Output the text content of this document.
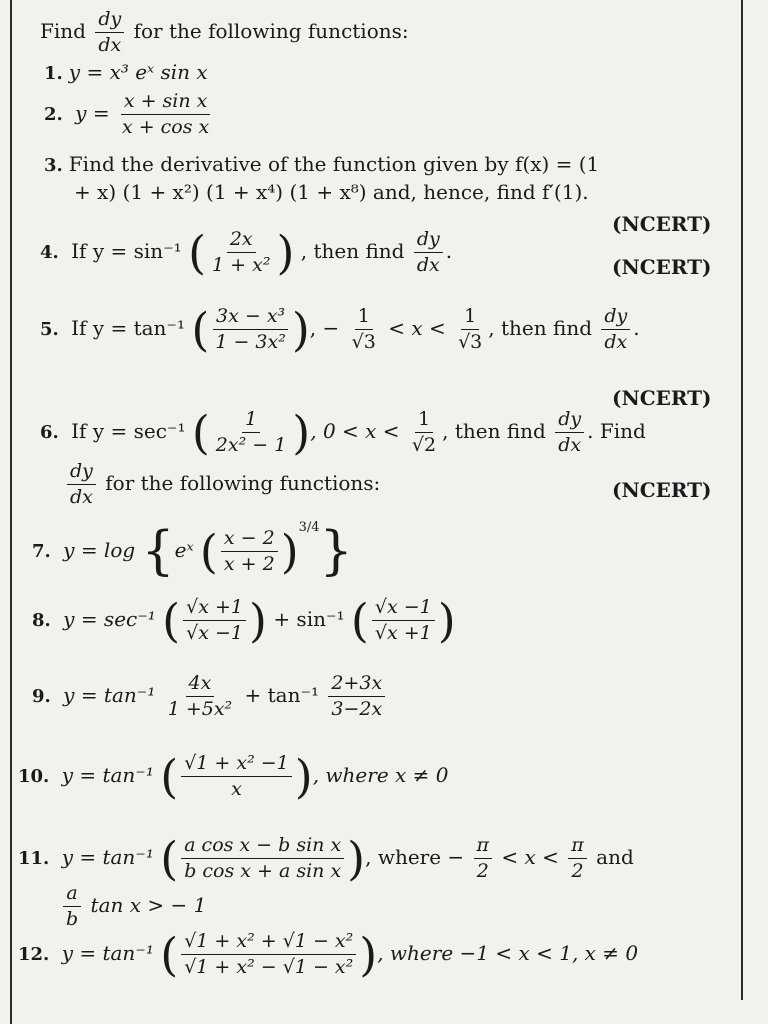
Find $\frac{dy}{dx}$ for the following functions:
1. y = x³ eˣ sin x
2. $y = \frac{\text{x + sin x}}{\text{x + cos x}}$
3. Find the derivative of the function given by f(x) = (1
+ x) (1 + x²) (1 + x⁴) (1 + x⁸) and, hence, find f′(1).
(NCERT)
4. If y = sin⁻¹ ( $\frac{2x}{\text{1 + x²}}$ ) , then find $\frac{dy}{dx}$ .
(NCERT)
5. If y = tan⁻¹ ( $\frac{\text{3x − x³}}{\text{1 − 3x²}}$ ), − $\frac{1}{√3} < x < \frac{1}{√3}$ , then find $\frac{dy}{dx}$ .
(NCERT)
6. If y = sec⁻¹ ( $\frac{1}{\text{2x² − 1}}$ ), $0 < x < \frac{1}{√2}$ , then find $\frac{dy}{dx}$ . Find
$\frac{dy}{dx}$ for the following functions:	(NCERT)
7. y = log {eˣ ( $\frac{x - 2}{x + 2} )^{3/4}$}
8. y = sec⁻¹ ( $\frac{√x +1}{√x -1}$ ) + sin⁻¹ ( $\frac{√x -1}{√x +1}$ )
9. $y = \tan^{-1} \frac{4x}{\text{1 +5x²}} + \tan^{-1} \frac{2+3x}{3-2x}$
10. y = tan⁻¹ ( $\frac{\text{√1 + x² −1}}{x}$ ), where x ≠ 0
11. y = tan⁻¹ ( $\frac{\text{a cos x − b sin x}}{\text{b cos x + a sin x}}$ ), where − $\frac{\pi}{2} < x < \frac{\pi}{2}$ and
$\frac{a}{b}$ tan x > − 1
12. y = tan⁻¹ ( $\frac{\text{√1 + x² + √1 − x²}}{\text{√1 + x² − √1 − x²}}$ ), where −1 < x < 1, x ≠ 0
